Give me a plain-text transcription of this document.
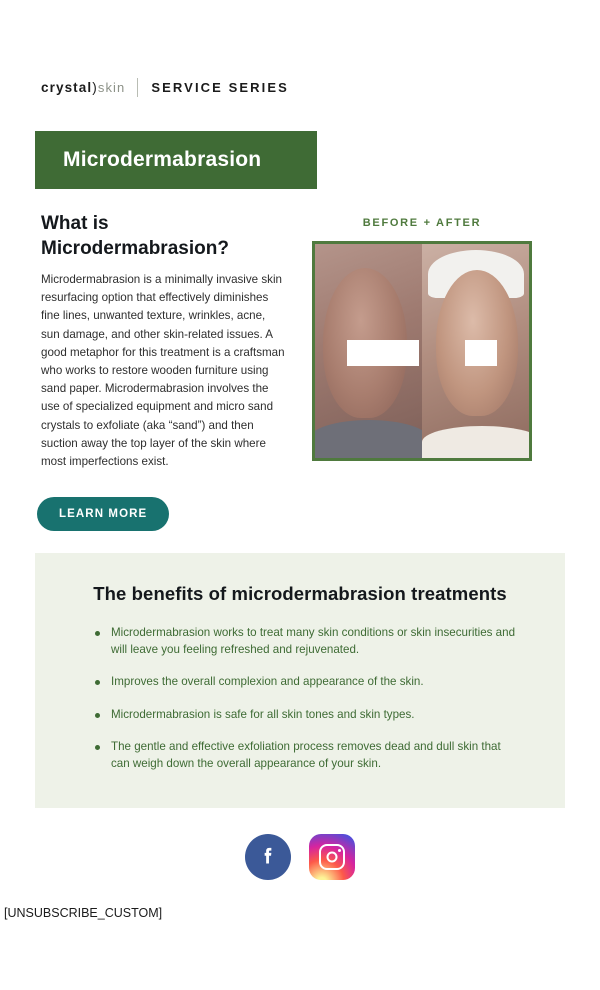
crystal ) skin SERVICE SERIES
Microdermabrasion
What is
Microdermabrasion?

Microdermabrasion is a minimally invasive skin resurfacing option that effectively diminishes fine lines, unwanted texture, wrinkles, acne, sun damage, and other skin-related issues. A good metaphor for this treatment is a craftsman who works to restore wooden furniture using sand paper. Microdermabrasion involves the use of specialized equipment and micro sand crystals to exfoliate (aka “sand”) and then suction away the top layer of the skin where most imperfections exist.

BEFORE + AFTER
LEARN MORE
The benefits of microdermabrasion treatments
Microdermabrasion works to treat many skin conditions or skin insecurities and will leave you feeling refreshed and rejuvenated.
Improves the overall complexion and appearance of the skin.
Microdermabrasion is safe for all skin tones and skin types.
The gentle and effective exfoliation process removes dead and dull skin that can weigh down the overall appearance of your skin.
[UNSUBSCRIBE_CUSTOM]
